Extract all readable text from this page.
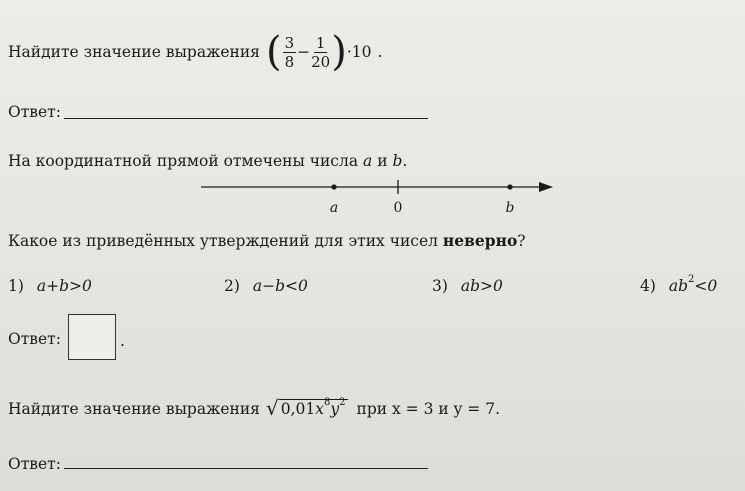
Найдите значение выражения ( $\frac{3}{8} - \frac{1}{20}$ ) ·10 .
Ответ:
На координатной прямой отмечены числа a и b.
a	0	b
Какое из приведённых утверждений для этих чисел неверно?
1) a+b>0	2) a−b<0	3) ab>0	4) $ab^2<0$
Ответ:	.
Найдите значение выражения √ $0,01x^8y^2$ при x = 3 и y = 7.
Ответ:
